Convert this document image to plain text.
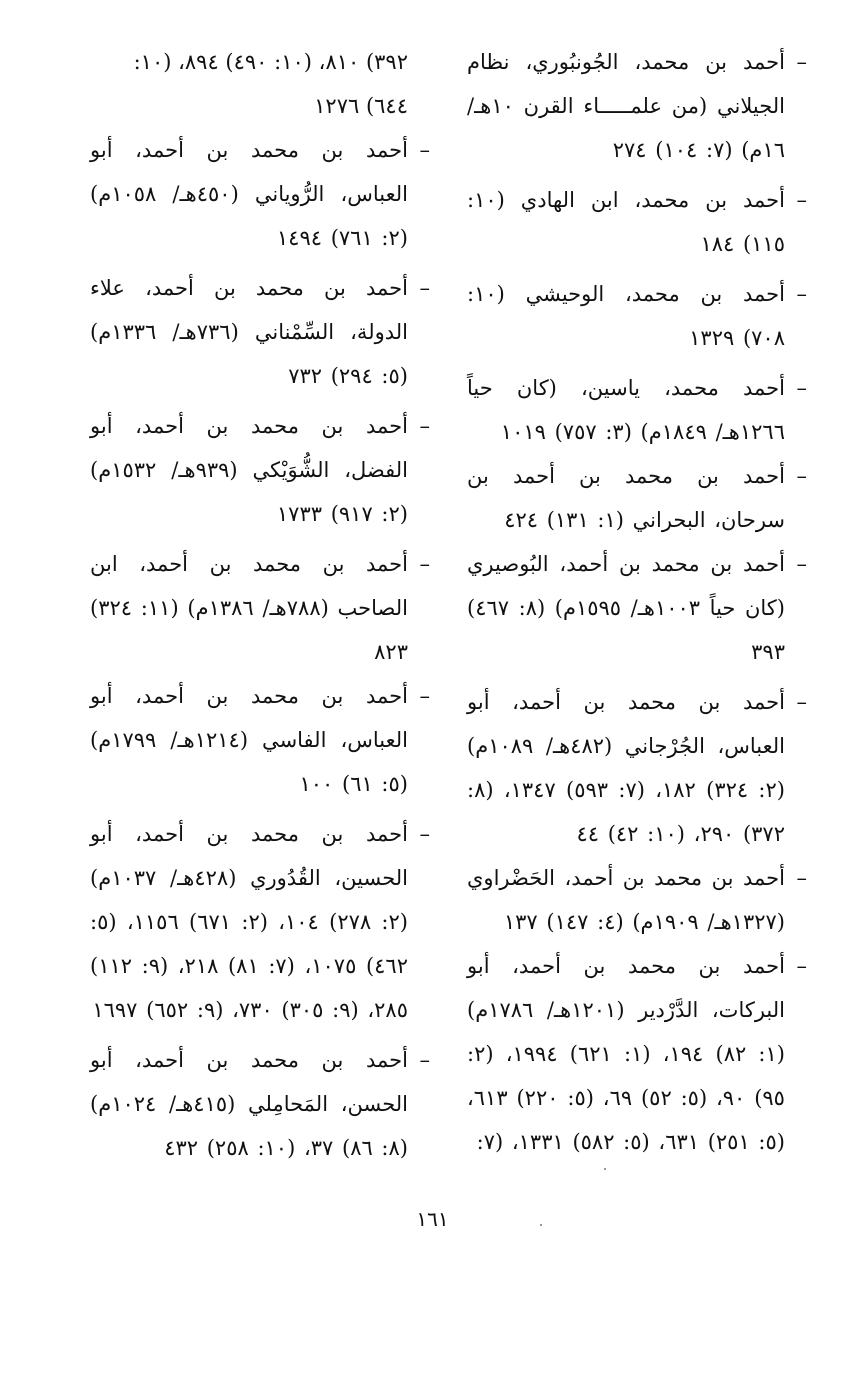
–
أحمد بن محمد، الجُونبُوري، نظام الجيلاني (من علمـــــاء القرن ١٠هـ/ ١٦م) (٧: ١٠٤) ٢٧٤
–
أحمد بن محمد، ابن الهادي (١٠: ١١٥) ١٨٤
–
أحمد بن محمد، الوحيشي (١٠: ٧٠٨) ١٣٢٩
–
أحمد محمد، ياسين، (كان حياً ١٢٦٦هـ/ ١٨٤٩م) (٣: ٧٥٧) ١٠١٩
–
أحمد بن محمد بن أحمد بن سرحان، البحراني (١: ١٣١) ٤٢٤
–
أحمد بن محمد بن أحمد، البُوصيري (كان حياً ١٠٠٣هـ/ ١٥٩٥م) (٨: ٤٦٧) ٣٩٣
–
أحمد بن محمد بن أحمد، أبو العباس، الجُرْجاني (٤٨٢هـ/ ١٠٨٩م) (٢: ٣٢٤) ١٨٢، (٧: ٥٩٣) ١٣٤٧، (٨: ٣٧٢) ٢٩٠، (١٠: ٤٢) ٤٤
–
أحمد بن محمد بن أحمد، الحَضْراوي (١٣٢٧هـ/ ١٩٠٩م) (٤: ١٤٧) ١٣٧
–
أحمد بن محمد بن أحمد، أبو البركات، الدَّرْدير (١٢٠١هـ/ ١٧٨٦م) (١: ٨٢) ١٩٤، (١: ٦٢١) ١٩٩٤، (٢: ٩٥) ٩٠، (٥: ٥٢) ٦٩، (٥: ٢٢٠) ٦١٣، (٥: ٢٥١) ٦٣١، (٥: ٥٨٢) ١٣٣١، (٧:
٣٩٢) ٨١٠، (١٠: ٤٩٠) ٨٩٤، (١٠: ٦٤٤) ١٢٧٦
–
أحمد بن محمد بن أحمد، أبو العباس، الرُّوياني (٤٥٠هـ/ ١٠٥٨م) (٢: ٧٦١) ١٤٩٤
–
أحمد بن محمد بن أحمد، علاء الدولة، السِّمْناني (٧٣٦هـ/ ١٣٣٦م) (٥: ٢٩٤) ٧٣٢
–
أحمد بن محمد بن أحمد، أبو الفضل، الشُّوَيْكي (٩٣٩هـ/ ١٥٣٢م) (٢: ٩١٧) ١٧٣٣
–
أحمد بن محمد بن أحمد، ابن الصاحب (٧٨٨هـ/ ١٣٨٦م) (١١: ٣٢٤) ٨٢٣
–
أحمد بن محمد بن أحمد، أبو العباس، الفاسي (١٢١٤هـ/ ١٧٩٩م) (٥: ٦١) ١٠٠
–
أحمد بن محمد بن أحمد، أبو الحسين، القُدُوري (٤٢٨هـ/ ١٠٣٧م) (٢: ٢٧٨) ١٠٤، (٢: ٦٧١) ١١٥٦، (٥: ٤٦٢) ١٠٧٥، (٧: ٨١) ٢١٨، (٩: ١١٢) ٢٨٥، (٩: ٣٠٥) ٧٣٠، (٩: ٦٥٢) ١٦٩٧
–
أحمد بن محمد بن أحمد، أبو الحسن، المَحامِلي (٤١٥هـ/ ١٠٢٤م) (٨: ٨٦) ٣٧، (١٠: ٢٥٨) ٤٣٢
١٦١
